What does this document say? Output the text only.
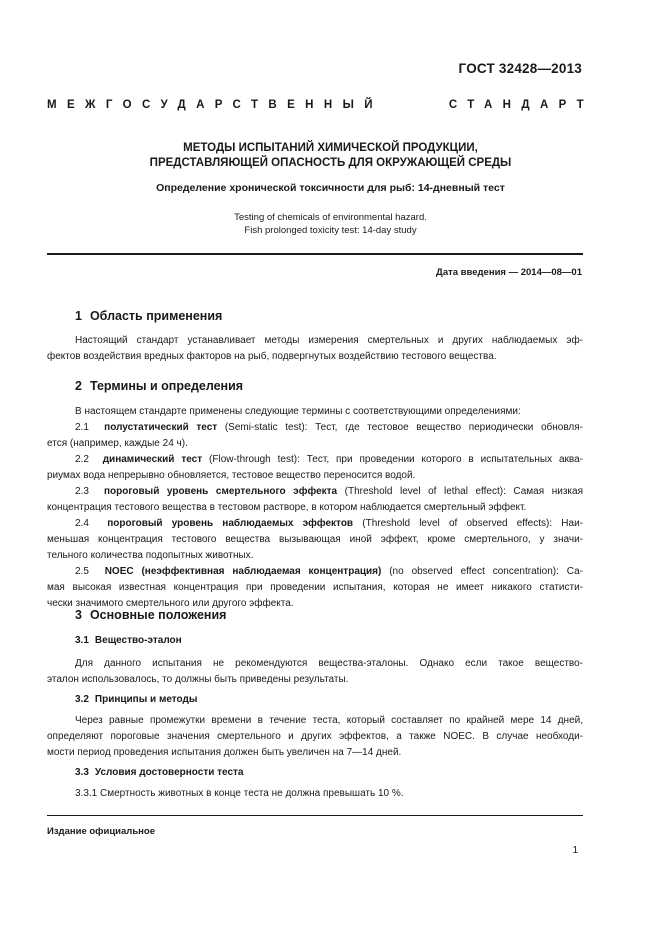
ГОСТ 32428—2013
МЕЖГОСУДАРСТВЕННЫЙ	СТАНДАРТ
МЕТОДЫ ИСПЫТАНИЙ ХИМИЧЕСКОЙ ПРОДУКЦИИ,
ПРЕДСТАВЛЯЮЩЕЙ ОПАСНОСТЬ ДЛЯ ОКРУЖАЮЩЕЙ СРЕДЫ
Определение хронической токсичности для рыб: 14-дневный тест
Testing of chemicals of environmental hazard.
Fish prolonged toxicity test: 14-day study
Дата введения — 2014—08—01
1 Область применения
Настоящий стандарт устанавливает методы измерения смертельных и других наблюдаемых эф-
фектов воздействия вредных факторов на рыб, подвергнутых воздействию тестового вещества.
2 Термины и определения
В настоящем стандарте применены следующие термины с соответствующими определениями:
2.1 полустатический тест (Semi-static test): Тест, где тестовое вещество периодически обновля-
ется (например, каждые 24 ч).
2.2 динамический тест (Flow-through test): Тест, при проведении которого в испытательных аква-
риумах вода непрерывно обновляется, тестовое вещество переносится водой.
2.3 пороговый уровень смертельного эффекта (Threshold level of lethal effect): Самая низкая
концентрация тестового вещества в тестовом растворе, в котором наблюдается смертельный эффект.
2.4 пороговый уровень наблюдаемых эффектов (Threshold level of observed effects): Наи-
меньшая концентрация тестового вещества вызывающая иной эффект, кроме смертельного, у значи-
тельного количества подопытных животных.
2.5 NOEC (неэффективная наблюдаемая концентрация) (no observed effect concentration): Са-
мая высокая известная концентрация при проведении испытания, которая не имеет никакого статисти-
чески значимого смертельного или другого эффекта.
3 Основные положения
3.1 Вещество-эталон
Для данного испытания не рекомендуются вещества-эталоны. Однако если такое вещество-
эталон использовалось, то должны быть приведены результаты.
3.2 Принципы и методы
Через равные промежутки времени в течение теста, который составляет по крайней мере 14 дней,
определяют пороговые значения смертельного и других эффектов, а также NOEC. В случае необходи-
мости период проведения испытания должен быть увеличен на 7—14 дней.
3.3 Условия достоверности теста
3.3.1 Смертность животных в конце теста не должна превышать 10 %.
Издание официальное
1
